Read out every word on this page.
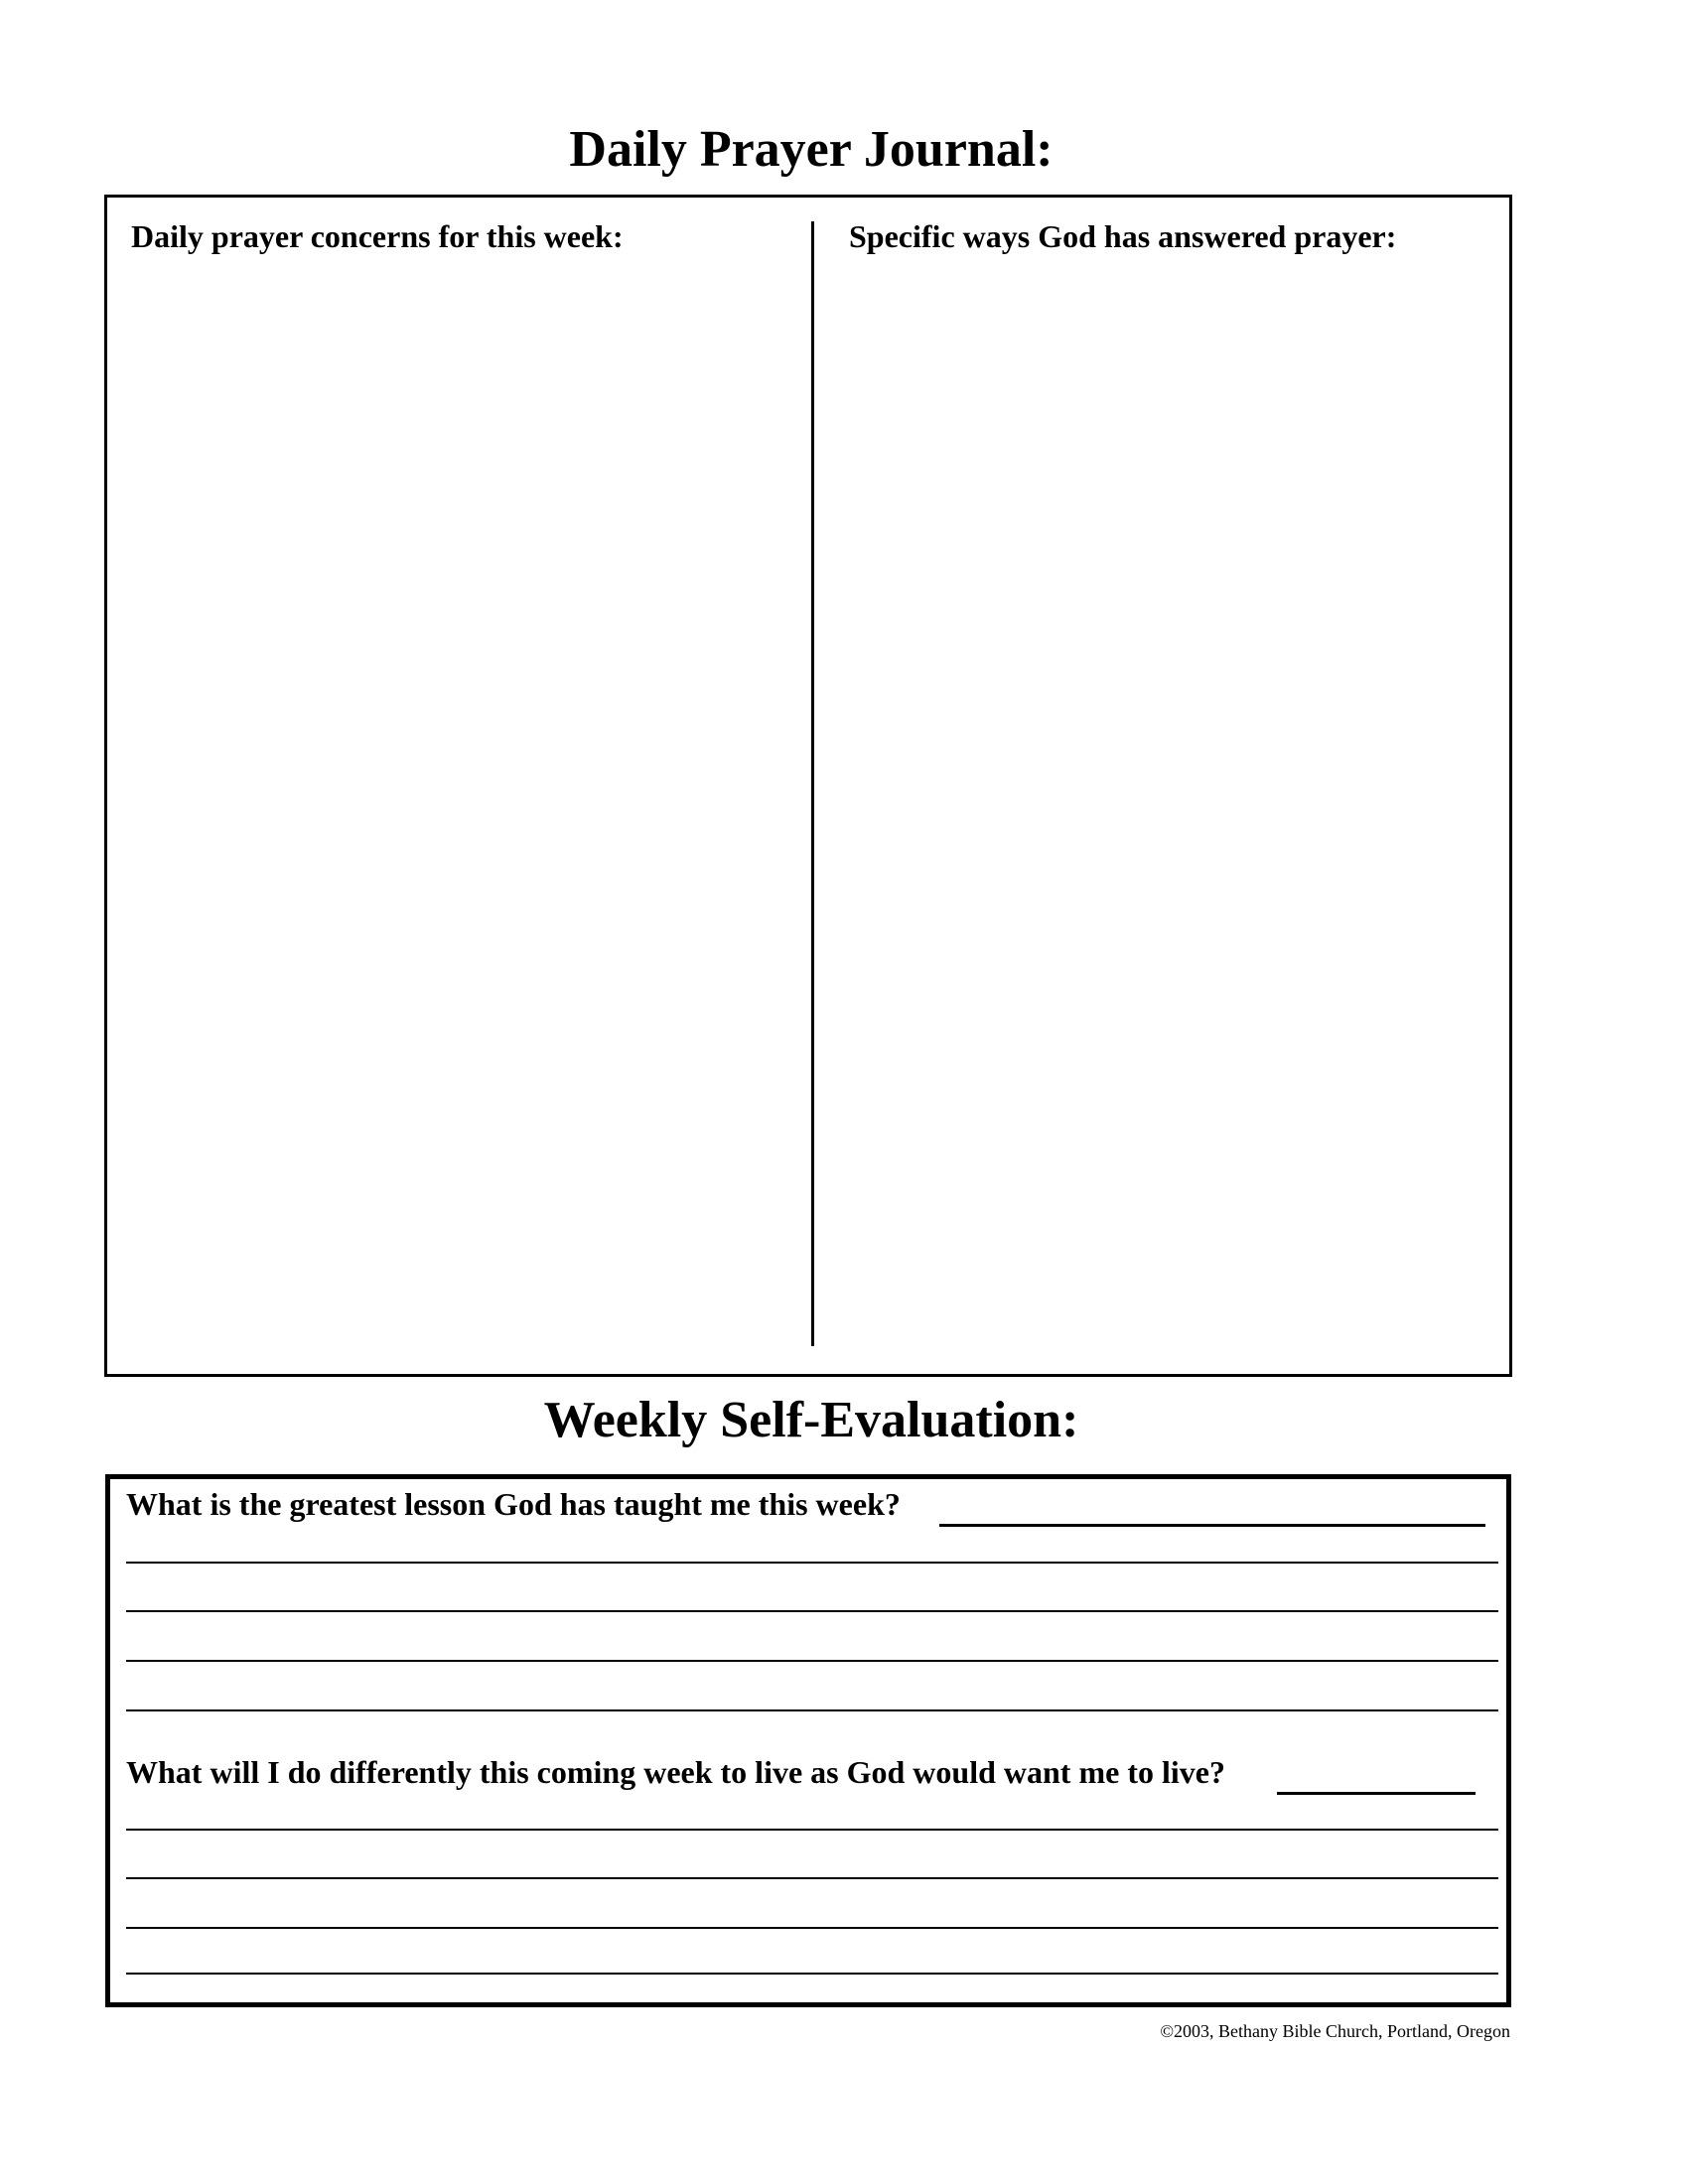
Daily Prayer Journal:

Daily prayer concerns for this week:	Specific ways God has answered prayer:

Weekly Self-Evaluation:

What is the greatest lesson God has taught me this week?

What will I do differently this coming week to live as God would want me to live?

©2003, Bethany Bible Church, Portland, Oregon
